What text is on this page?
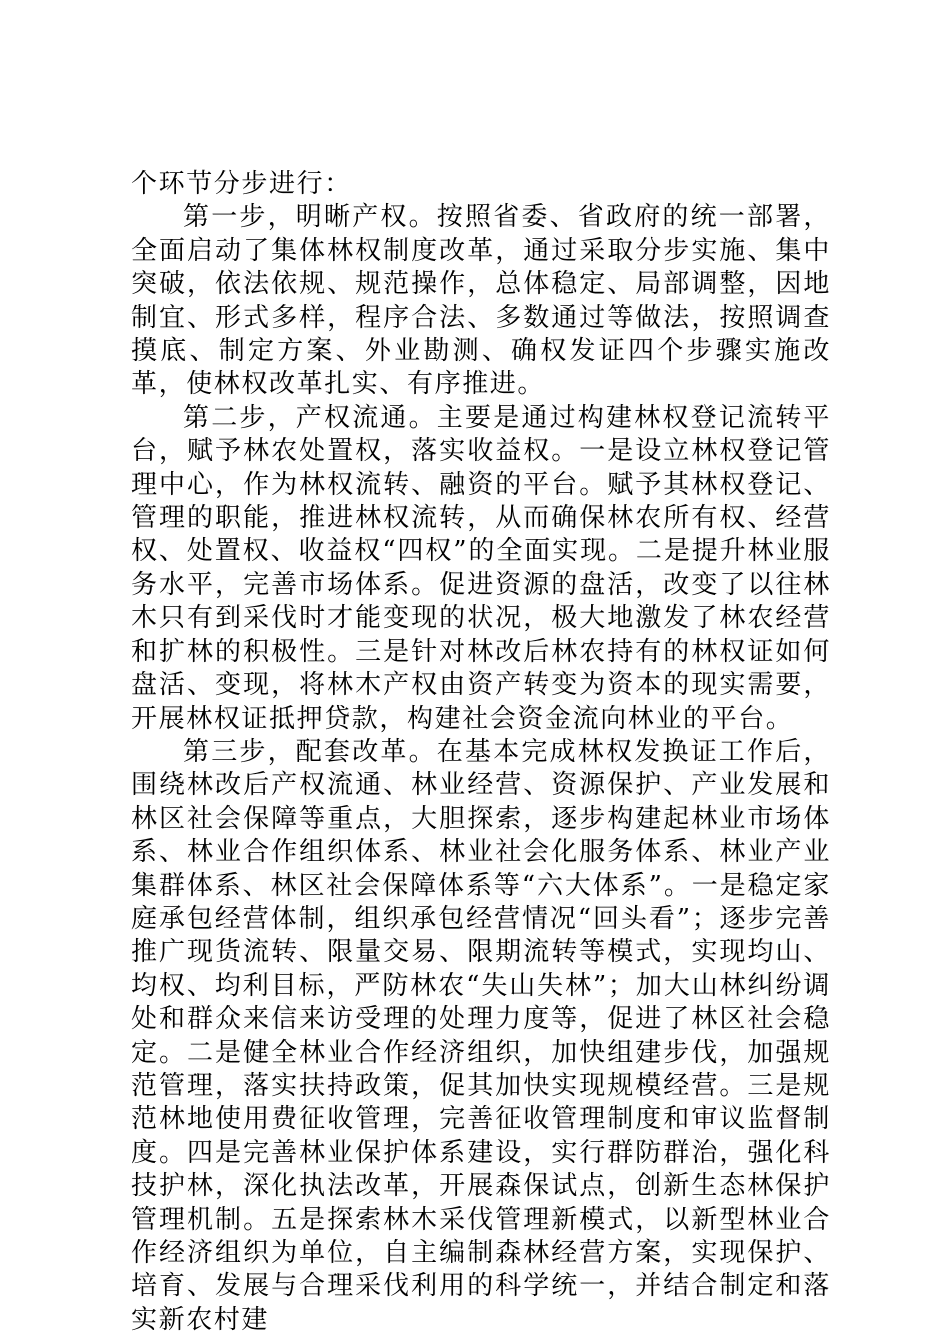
个环节分步进行：

第一步，明晰产权。按照省委、省政府的统一部署，全面启动了集体林权制度改革，通过采取分步实施、集中突破，依法依规、规范操作，总体稳定、局部调整，因地制宜、形式多样，程序合法、多数通过等做法，按照调查摸底、制定方案、外业勘测、确权发证四个步骤实施改革，使林权改革扎实、有序推进。

第二步，产权流通。主要是通过构建林权登记流转平台，赋予林农处置权，落实收益权。一是设立林权登记管理中心，作为林权流转、融资的平台。赋予其林权登记、管理的职能，推进林权流转，从而确保林农所有权、经营权、处置权、收益权“四权”的全面实现。二是提升林业服务水平，完善市场体系。促进资源的盘活，改变了以往林木只有到采伐时才能变现的状况，极大地激发了林农经营和扩林的积极性。三是针对林改后林农持有的林权证如何盘活、变现，将林木产权由资产转变为资本的现实需要，开展林权证抵押贷款，构建社会资金流向林业的平台。

第三步，配套改革。在基本完成林权发换证工作后，围绕林改后产权流通、林业经营、资源保护、产业发展和林区社会保障等重点，大胆探索，逐步构建起林业市场体系、林业合作组织体系、林业社会化服务体系、林业产业集群体系、林区社会保障体系等“六大体系”。一是稳定家庭承包经营体制，组织承包经营情况“回头看”；逐步完善推广现货流转、限量交易、限期流转等模式，实现均山、均权、均利目标，严防林农“失山失林”；加大山林纠纷调处和群众来信来访受理的处理力度等，促进了林区社会稳定。二是健全林业合作经济组织，加快组建步伐，加强规范管理，落实扶持政策，促其加快实现规模经营。三是规范林地使用费征收管理，完善征收管理制度和审议监督制度。四是完善林业保护体系建设，实行群防群治，强化科技护林，深化执法改革，开展森保试点，创新生态林保护管理机制。五是探索林木采伐管理新模式，以新型林业合作经济组织为单位，自主编制森林经营方案，实现保护、培育、发展与合理采伐利用的科学统一，并结合制定和落实新农村建
